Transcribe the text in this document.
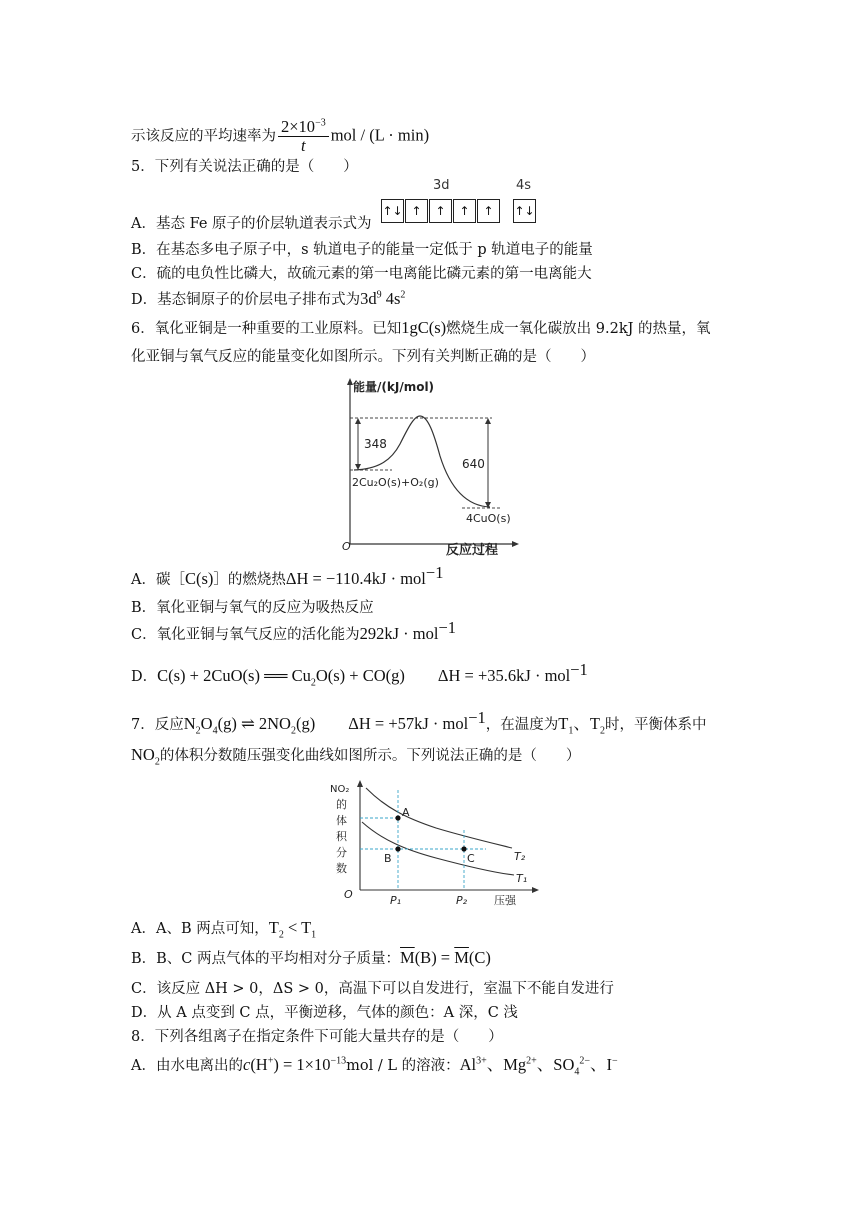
示该反应的平均速率为 $\frac{2\times 10^{-3}}{t}$ mol / (L · min)
5．下列有关说法正确的是（　　）
A．基态 Fe 原子的价层轨道表示式为
3d	4s
↑↓ ↑	↑	↑	↑	↑↓
B．在基态多电子原子中，s 轨道电子的能量一定低于 p 轨道电子的能量
C．硫的电负性比磷大，故硫元素的第一电离能比磷元素的第一电离能大
D．基态铜原子的价层电子排布式为$3d^9$ $4s^2$
6．氧化亚铜是一种重要的工业原料。已知1gC(s)燃烧生成一氧化碳放出 9.2kJ 的热量，氧
化亚铜与氧气反应的能量变化如图所示。下列有关判断正确的是（　　）
能量/(kJ/mol)
反应过程
O
348
640
2Cu₂O(s)+O₂(g)
4CuO(s)
A．碳［C(s)］的燃烧热ΔH = −110.4kJ · mol$^{-1}$
B．氧化亚铜与氧气的反应为吸热反应
C．氧化亚铜与氧气反应的活化能为292kJ · mol$^{-1}$
D．C(s) + 2CuO(s) ══ $Cu_2O(s) + CO(g)$　　ΔH = +35.6kJ · mol$^{-1}$
7．反应$N_2O_4(g)$ ⇌ $2NO_2(g)$　　ΔH = +57kJ · mol$^{-1}$，在温度为$T_1$、$T_2$时，平衡体系中
$NO_2$的体积分数随压强变化曲线如图所示。下列说法正确的是（　　）
NO₂
的
体
积
分
数
O
A
B	C	T₂
T₁
P₁	P₂ 压强
A．A、B 两点可知，$T_2 < T_1$
B．B、C 两点气体的平均相对分子质量：$\overline{M}(B) = \overline{M}(C)$
C．该反应 ΔH > 0，ΔS > 0，高温下可以自发进行，室温下不能自发进行
D．从 A 点变到 C 点，平衡逆移，气体的颜色：A 深，C 浅
8．下列各组离子在指定条件下可能大量共存的是（　　）
A．由水电离出的$c(H^+) = 1\times 10^{-13}mol / L$ 的溶液：$Al^{3+}$、$Mg^{2+}$、$SO_4^{2-}$、I−
